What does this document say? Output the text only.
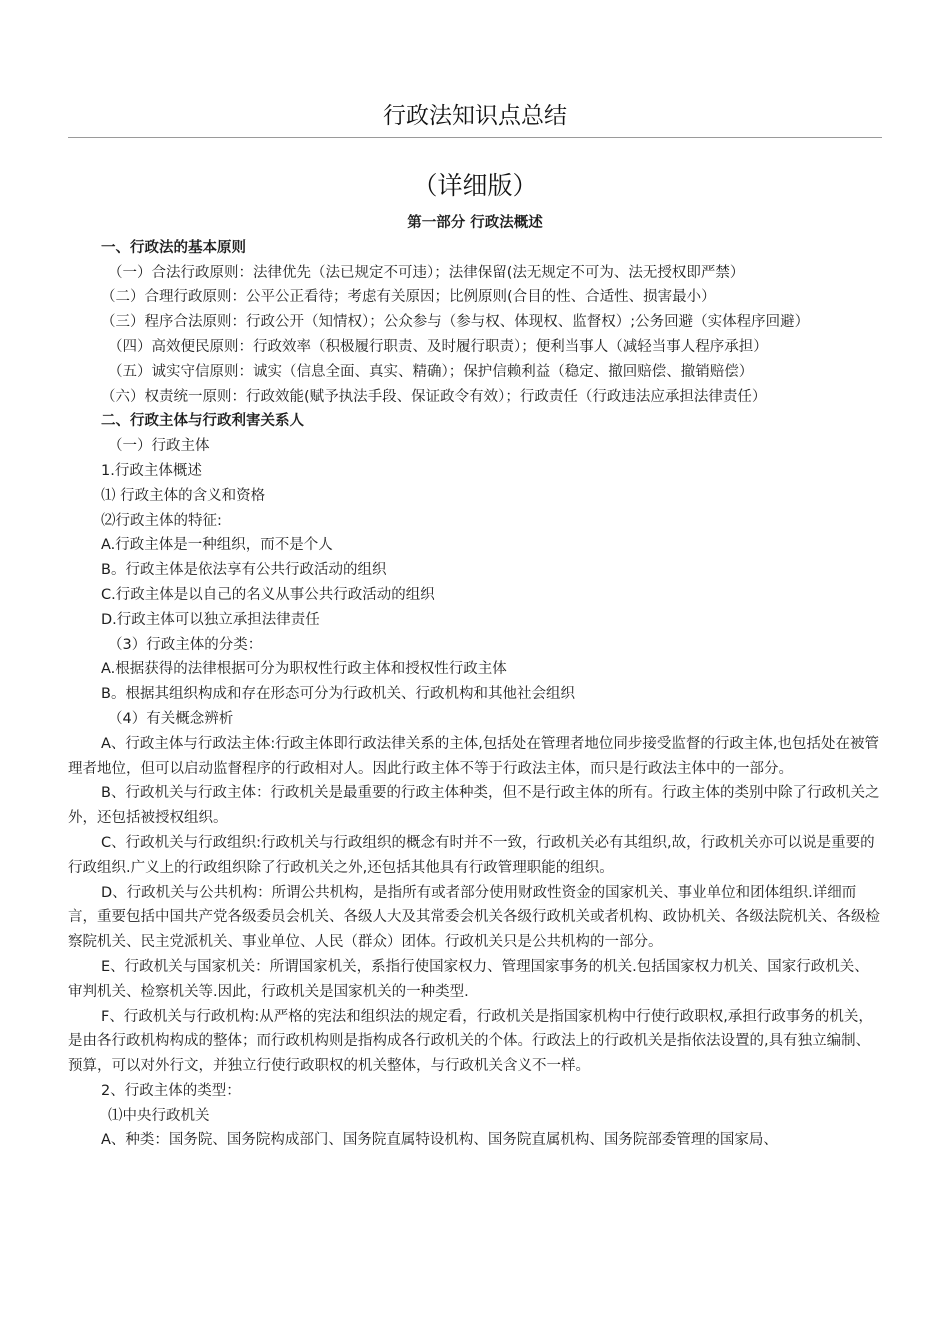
行政法知识点总结
（详细版）

第一部分 行政法概述

一、行政法的基本原则

（一）合法行政原则：法律优先（法已规定不可违）；法律保留(法无规定不可为、法无授权即严禁）

（二）合理行政原则：公平公正看待；考虑有关原因；比例原则(合目的性、合适性、损害最小）

（三）程序合法原则：行政公开（知情权）；公众参与（参与权、体现权、监督权）;公务回避（实体程序回避）

（四）高效便民原则：行政效率（积极履行职责、及时履行职责）；便利当事人（减轻当事人程序承担）

（五）诚实守信原则：诚实（信息全面、真实、精确）；保护信赖利益（稳定、撤回赔偿、撤销赔偿）

（六）权责统一原则：行政效能(赋予执法手段、保证政令有效）；行政责任（行政违法应承担法律责任）

二、行政主体与行政利害关系人

（一）行政主体

1.行政主体概述

⑴ 行政主体的含义和资格

⑵行政主体的特征:

A.行政主体是一种组织，而不是个人

B。行政主体是依法享有公共行政活动的组织

C.行政主体是以自己的名义从事公共行政活动的组织

D.行政主体可以独立承担法律责任

（3）行政主体的分类：

A.根据获得的法律根据可分为职权性行政主体和授权性行政主体

B。根据其组织构成和存在形态可分为行政机关、行政机构和其他社会组织

（4）有关概念辨析

A、行政主体与行政法主体:行政主体即行政法律关系的主体,包括处在管理者地位同步接受监督的行政主体,也包括处在被管理者地位，但可以启动监督程序的行政相对人。因此行政主体不等于行政法主体，而只是行政法主体中的一部分。

B、行政机关与行政主体：行政机关是最重要的行政主体种类，但不是行政主体的所有。行政主体的类别中除了行政机关之外，还包括被授权组织。

C、行政机关与行政组织:行政机关与行政组织的概念有时并不一致，行政机关必有其组织,故，行政机关亦可以说是重要的行政组织.广义上的行政组织除了行政机关之外,还包括其他具有行政管理职能的组织。

D、行政机关与公共机构：所谓公共机构，是指所有或者部分使用财政性资金的国家机关、事业单位和团体组织.详细而言，重要包括中国共产党各级委员会机关、各级人大及其常委会机关各级行政机关或者机构、政协机关、各级法院机关、各级检察院机关、民主党派机关、事业单位、人民（群众）团体。行政机关只是公共机构的一部分。

E、行政机关与国家机关：所谓国家机关，系指行使国家权力、管理国家事务的机关.包括国家权力机关、国家行政机关、审判机关、检察机关等.因此，行政机关是国家机关的一种类型.

F、行政机关与行政机构:从严格的宪法和组织法的规定看，行政机关是指国家机构中行使行政职权,承担行政事务的机关，是由各行政机构构成的整体；而行政机构则是指构成各行政机关的个体。行政法上的行政机关是指依法设置的,具有独立编制、预算，可以对外行文，并独立行使行政职权的机关整体，与行政机关含义不一样。

2、行政主体的类型：

⑴中央行政机关

A、种类：国务院、国务院构成部门、国务院直属特设机构、国务院直属机构、国务院部委管理的国家局、
